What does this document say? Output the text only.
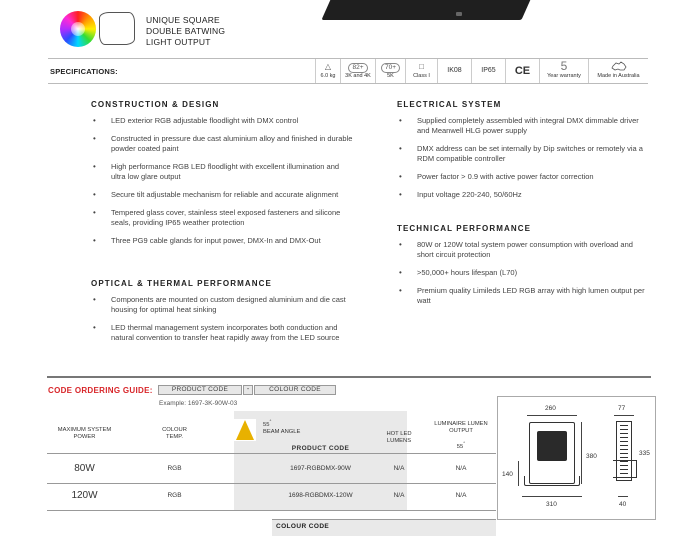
UNIQUE SQUARE
DOUBLE BATWING
LIGHT OUTPUT
SPECIFICATIONS:
△
6.0 kg
82+
3K and 4K
70+
5K
□
Class I
IK08	IP65	CE	5
Year warranty	Made in Australia
CONSTRUCTION & DESIGN
• LED exterior RGB adjustable floodlight with DMX control
• Constructed in pressure due cast aluminium alloy and finished in durable powder coated paint
• High performance RGB LED floodlight with excellent illumination and ultra low glare output
• Secure tilt adjustable mechanism for reliable and accurate alignment
• Tempered glass cover, stainless steel exposed fasteners and silicone seals, providing IP65 weather protection
• Three PG9 cable glands for input power, DMX-In and DMX-Out
OPTICAL & THERMAL PERFORMANCE
• Components are mounted on custom designed aluminium and die cast housing for optimal heat sinking
• LED thermal management system incorporates both conduction and natural convention to transfer heat rapidly away from the LED source
ELECTRICAL SYSTEM
• Supplied completely assembled with integral DMX dimmable driver and Meanwell HLG power supply
• DMX address can be set internally by Dip switches or remotely via a RDM compatible controller
• Power factor > 0.9 with active power factor correction
• Input voltage 220-240, 50/60Hz
TECHNICAL PERFORMANCE
• 80W or 120W total system power consumption with overload and short circuit protection
• >50,000+ hours lifespan (L70)
• Premium quality Limileds LED RGB array with high lumen output per watt
CODE ORDERING GUIDE:	PRODUCT CODE	-	COLOUR CODE
Example: 1697-3K-90W-03
MAXIMUM SYSTEM
POWER
COLOUR
TEMP.
55°
BEAM ANGLE
PRODUCT CODE
HOT LED
LUMENS
LUMINAIRE LUMEN
OUTPUT
55°
80W	RGB	1697-RGBDMX-90W	N/A	N/A
120W	RGB	1698-RGBDMX-120W	N/A	N/A
COLOUR CODE
260
380
140
310
77
335
40
